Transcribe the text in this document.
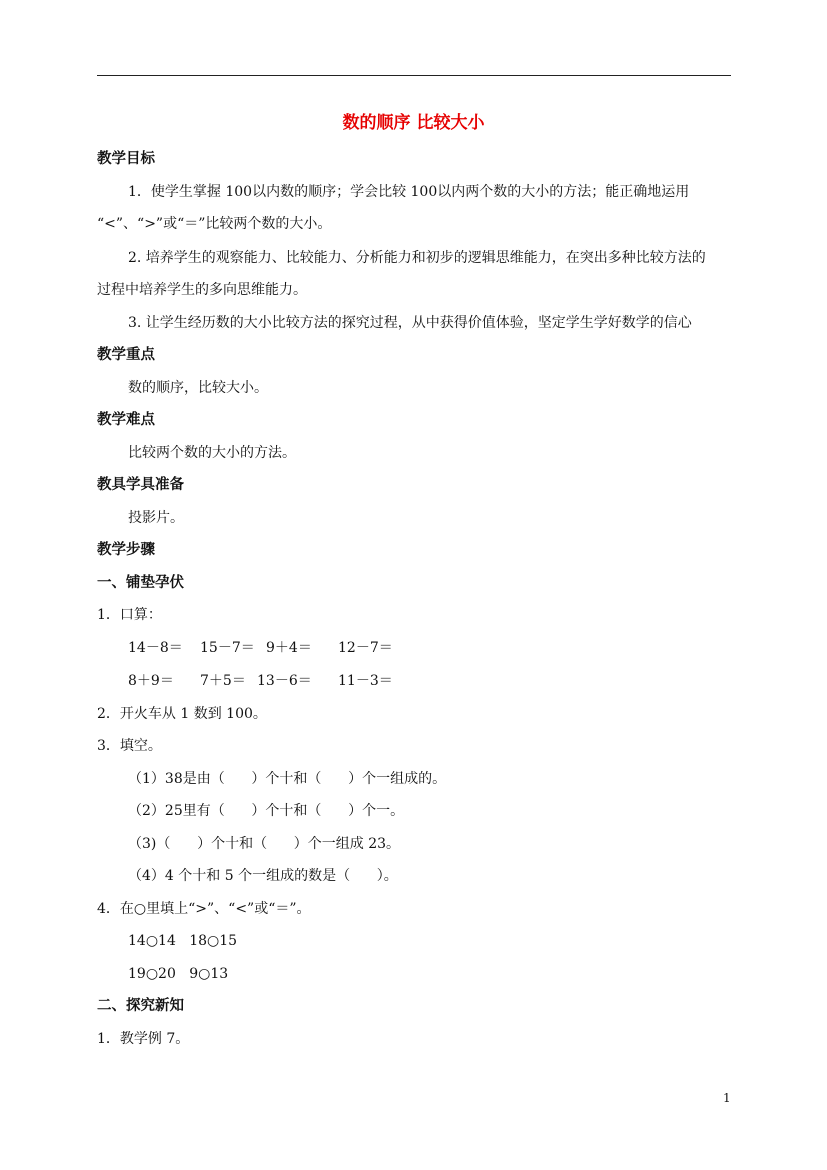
数的顺序 比较大小
教学目标
1．使学生掌握 100以内数的顺序；学会比较 100以内两个数的大小的方法；能正确地运用
“<”、“>”或“＝”比较两个数的大小。
2. 培养学生的观察能力、比较能力、分析能力和初步的逻辑思维能力，在突出多种比较方法的
过程中培养学生的多向思维能力。
3. 让学生经历数的大小比较方法的探究过程，从中获得价值体验，坚定学生学好数学的信心
教学重点
数的顺序，比较大小。
教学难点
比较两个数的大小的方法。
教具学具准备
投影片。
教学步骤
一、铺垫孕伏
1．口算：
14－8＝ 15－7＝ 9＋4＝ 12－7＝
8＋9＝ 7＋5＝ 13－6＝ 11－3＝
2．开火车从 1 数到 100。
3．填空。
（1）38是由（      ）个十和（      ）个一组成的。
（2）25里有（      ）个十和（      ）个一。
（3)（      ）个十和（      ）个一组成 23。
（4）4 个十和 5 个一组成的数是（      ）。
4．在○里填上“>”、“<”或“＝”。
14○14   18○15
19○20   9○13
二、探究新知
1．教学例 7。
1
